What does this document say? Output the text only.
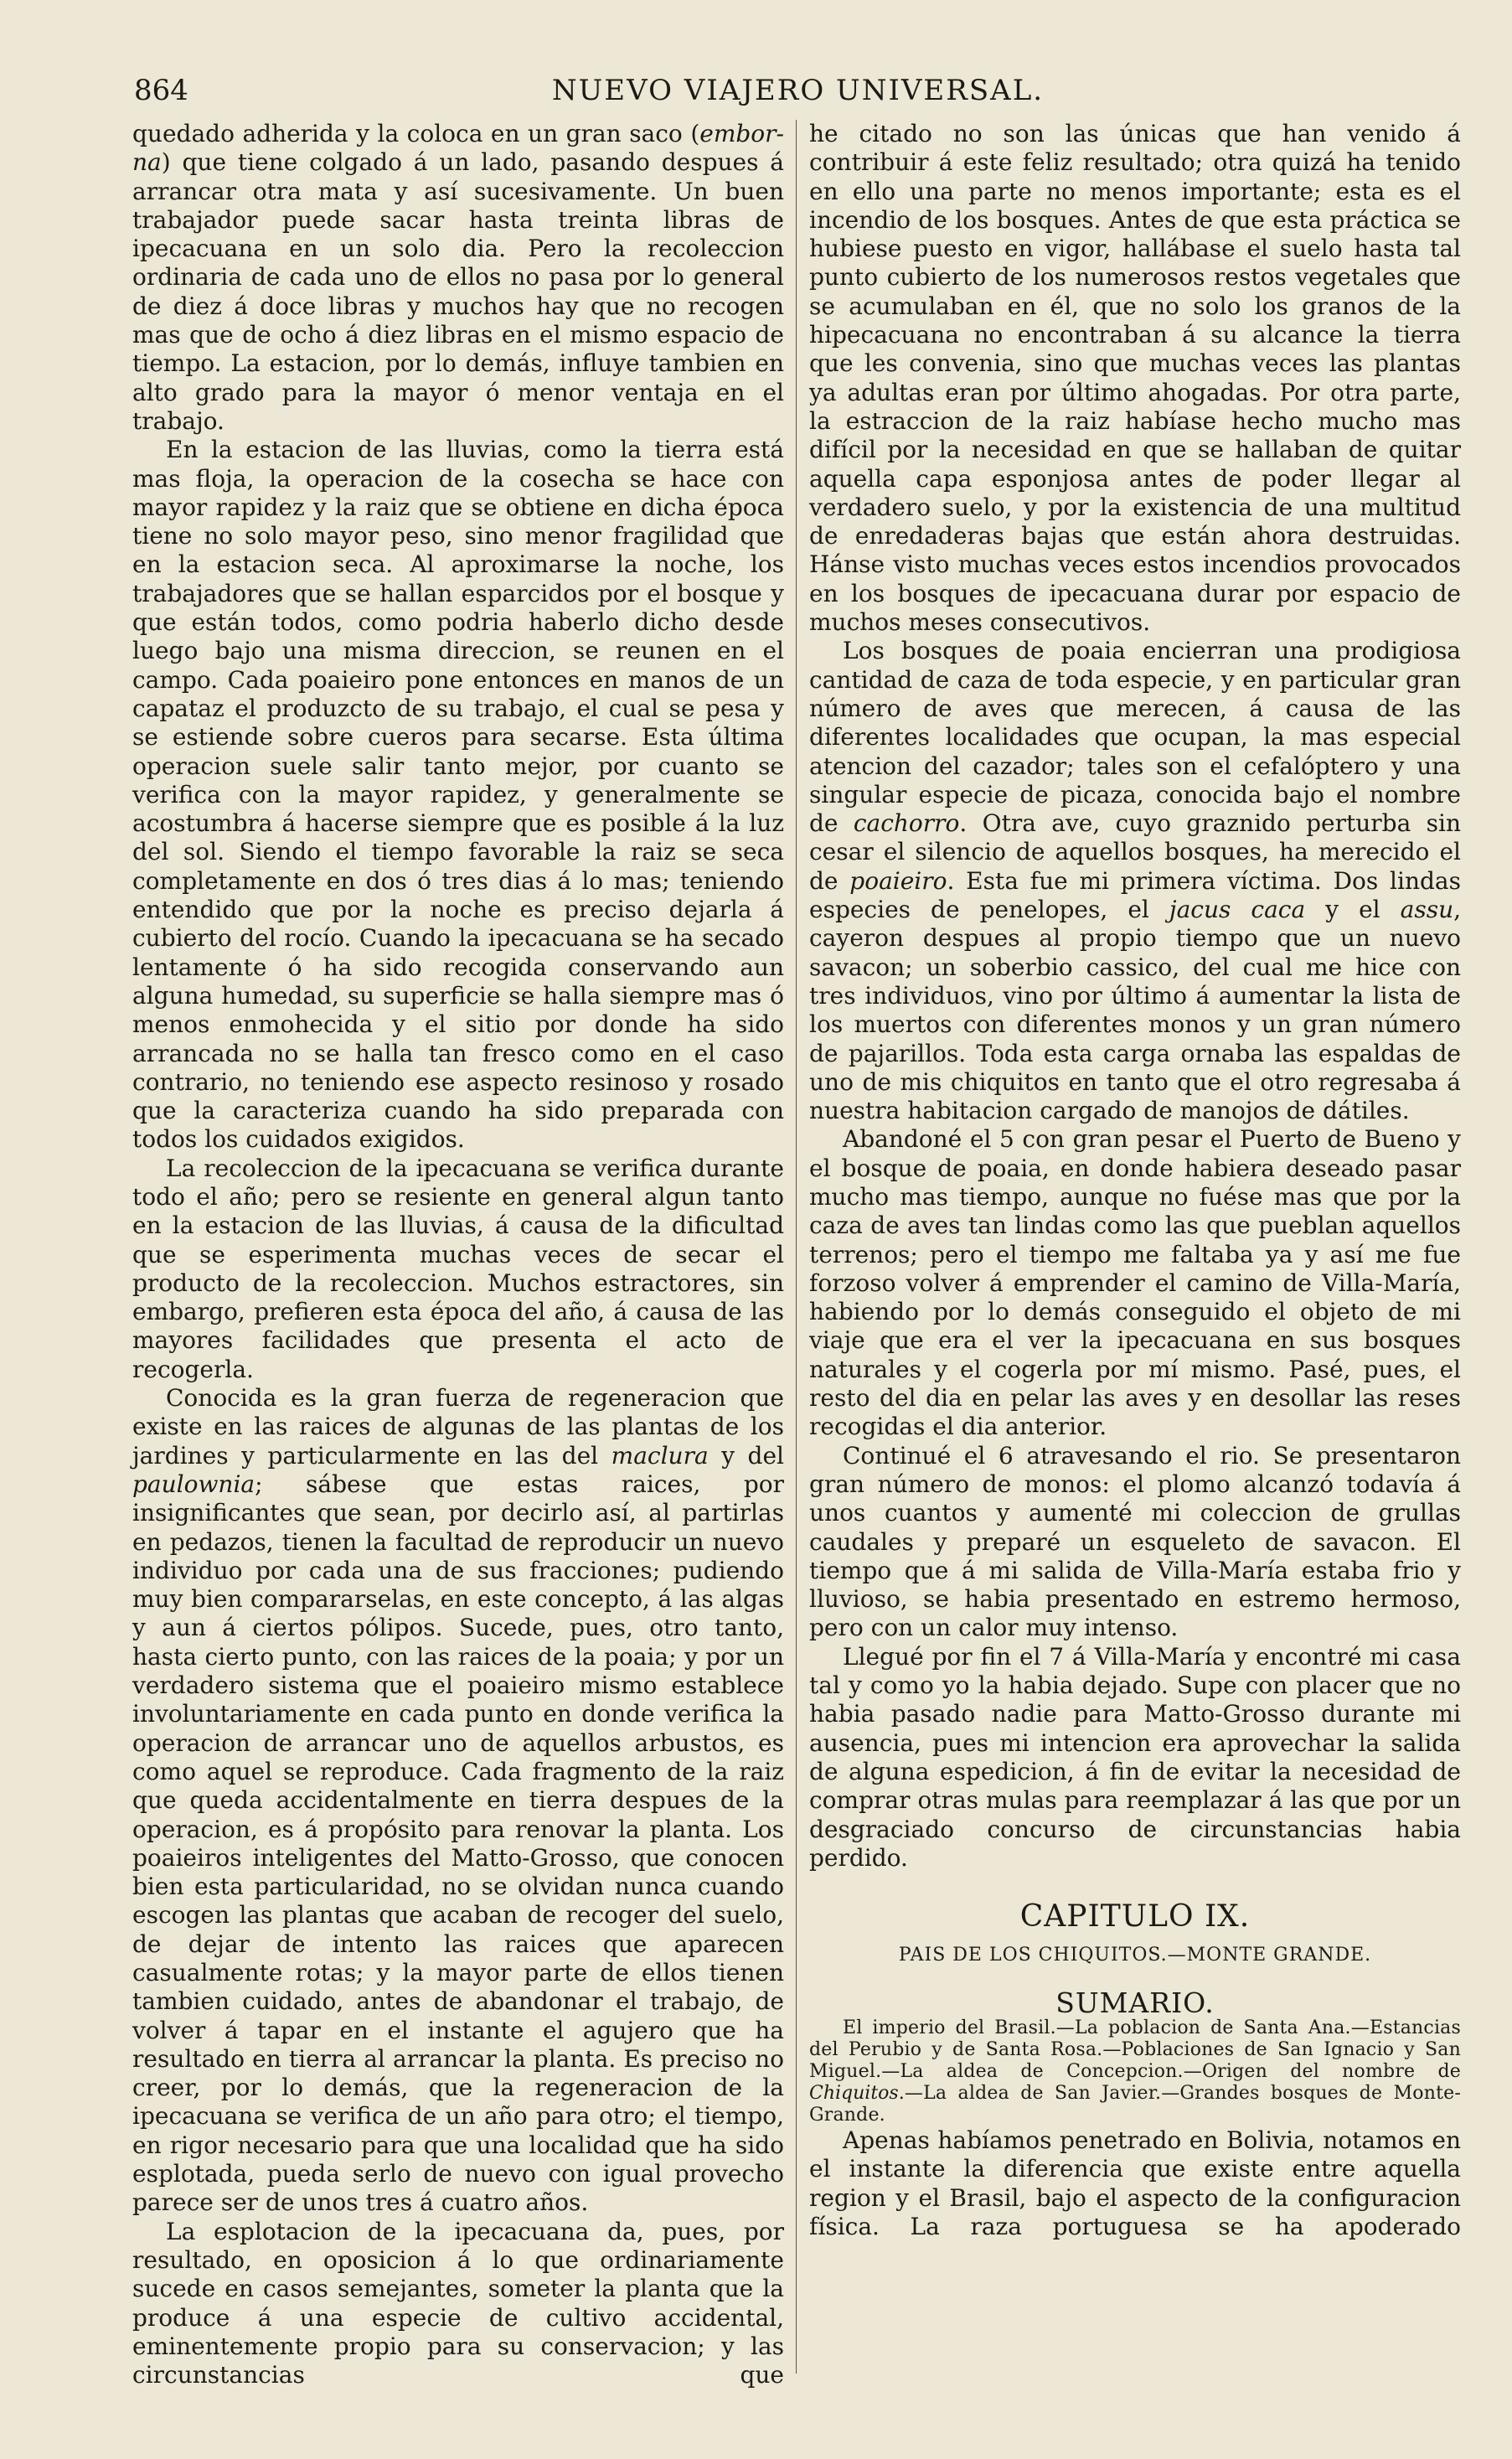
864	NUEVO VIAJERO UNIVERSAL.

quedado adherida y la coloca en un gran saco (embor-na) que tiene colgado á un lado, pasando despues á arrancar otra mata y así sucesivamente. Un buen trabajador puede sacar hasta treinta libras de ipecacuana en un solo dia. Pero la recoleccion ordinaria de cada uno de ellos no pasa por lo general de diez á doce libras y muchos hay que no recogen mas que de ocho á diez libras en el mismo espacio de tiempo. La estacion, por lo demás, influye tambien en alto grado para la mayor ó menor ventaja en el trabajo.

En la estacion de las lluvias, como la tierra está mas floja, la operacion de la cosecha se hace con mayor rapidez y la raiz que se obtiene en dicha época tiene no solo mayor peso, sino menor fragilidad que en la estacion seca. Al aproximarse la noche, los trabajadores que se hallan esparcidos por el bosque y que están todos, como podria haberlo dicho desde luego bajo una misma direccion, se reunen en el campo. Cada poaieiro pone entonces en manos de un capataz el produzcto de su trabajo, el cual se pesa y se estiende sobre cueros para secarse. Esta última operacion suele salir tanto mejor, por cuanto se verifica con la mayor rapidez, y generalmente se acostumbra á hacerse siempre que es posible á la luz del sol. Siendo el tiempo favorable la raiz se seca completamente en dos ó tres dias á lo mas; teniendo entendido que por la noche es preciso dejarla á cubierto del rocío. Cuando la ipecacuana se ha secado lentamente ó ha sido recogida conservando aun alguna humedad, su superficie se halla siempre mas ó menos enmohecida y el sitio por donde ha sido arrancada no se halla tan fresco como en el caso contrario, no teniendo ese aspecto resinoso y rosado que la caracteriza cuando ha sido preparada con todos los cuidados exigidos.

La recoleccion de la ipecacuana se verifica durante todo el año; pero se resiente en general algun tanto en la estacion de las lluvias, á causa de la dificultad que se esperimenta muchas veces de secar el producto de la recoleccion. Muchos estractores, sin embargo, prefieren esta época del año, á causa de las mayores facilidades que presenta el acto de recogerla.

Conocida es la gran fuerza de regeneracion que existe en las raices de algunas de las plantas de los jardines y particularmente en las del maclura y del paulownia; sábese que estas raices, por insignificantes que sean, por decirlo así, al partirlas en pedazos, tienen la facultad de reproducir un nuevo individuo por cada una de sus fracciones; pudiendo muy bien compararselas, en este concepto, á las algas y aun á ciertos pólipos. Sucede, pues, otro tanto, hasta cierto punto, con las raices de la poaia; y por un verdadero sistema que el poaieiro mismo establece involuntariamente en cada punto en donde verifica la operacion de arrancar uno de aquellos arbustos, es como aquel se reproduce. Cada fragmento de la raiz que queda accidentalmente en tierra despues de la operacion, es á propósito para renovar la planta. Los poaieiros inteligentes del Matto-Grosso, que conocen bien esta particularidad, no se olvidan nunca cuando escogen las plantas que acaban de recoger del suelo, de dejar de intento las raices que aparecen casualmente rotas; y la mayor parte de ellos tienen tambien cuidado, antes de abandonar el trabajo, de volver á tapar en el instante el agujero que ha resultado en tierra al arrancar la planta. Es preciso no creer, por lo demás, que la regeneracion de la ipecacuana se verifica de un año para otro; el tiempo, en rigor necesario para que una localidad que ha sido esplotada, pueda serlo de nuevo con igual provecho parece ser de unos tres á cuatro años.

La esplotacion de la ipecacuana da, pues, por resultado, en oposicion á lo que ordinariamente sucede en casos semejantes, someter la planta que la produce á una especie de cultivo accidental, eminentemente propio para su conservacion; y las circunstancias que

he citado no son las únicas que han venido á contribuir á este feliz resultado; otra quizá ha tenido en ello una parte no menos importante; esta es el incendio de los bosques. Antes de que esta práctica se hubiese puesto en vigor, hallábase el suelo hasta tal punto cubierto de los numerosos restos vegetales que se acumulaban en él, que no solo los granos de la hipecacuana no encontraban á su alcance la tierra que les convenia, sino que muchas veces las plantas ya adultas eran por último ahogadas. Por otra parte, la estraccion de la raiz habíase hecho mucho mas difícil por la necesidad en que se hallaban de quitar aquella capa esponjosa antes de poder llegar al verdadero suelo, y por la existencia de una multitud de enredaderas bajas que están ahora destruidas. Hánse visto muchas veces estos incendios provocados en los bosques de ipecacuana durar por espacio de muchos meses consecutivos.

Los bosques de poaia encierran una prodigiosa cantidad de caza de toda especie, y en particular gran número de aves que merecen, á causa de las diferentes localidades que ocupan, la mas especial atencion del cazador; tales son el cefalóptero y una singular especie de picaza, conocida bajo el nombre de cachorro. Otra ave, cuyo graznido perturba sin cesar el silencio de aquellos bosques, ha merecido el de poaieiro. Esta fue mi primera víctima. Dos lindas especies de penelopes, el jacus caca y el assu, cayeron despues al propio tiempo que un nuevo savacon; un soberbio cassico, del cual me hice con tres individuos, vino por último á aumentar la lista de los muertos con diferentes monos y un gran número de pajarillos. Toda esta carga ornaba las espaldas de uno de mis chiquitos en tanto que el otro regresaba á nuestra habitacion cargado de manojos de dátiles.

Abandoné el 5 con gran pesar el Puerto de Bueno y el bosque de poaia, en donde habiera deseado pasar mucho mas tiempo, aunque no fuése mas que por la caza de aves tan lindas como las que pueblan aquellos terrenos; pero el tiempo me faltaba ya y así me fue forzoso volver á emprender el camino de Villa-María, habiendo por lo demás conseguido el objeto de mi viaje que era el ver la ipecacuana en sus bosques naturales y el cogerla por mí mismo. Pasé, pues, el resto del dia en pelar las aves y en desollar las reses recogidas el dia anterior.

Continué el 6 atravesando el rio. Se presentaron gran número de monos: el plomo alcanzó todavía á unos cuantos y aumenté mi coleccion de grullas caudales y preparé un esqueleto de savacon. El tiempo que á mi salida de Villa-María estaba frio y lluvioso, se habia presentado en estremo hermoso, pero con un calor muy intenso.

Llegué por fin el 7 á Villa-María y encontré mi casa tal y como yo la habia dejado. Supe con placer que no habia pasado nadie para Matto-Grosso durante mi ausencia, pues mi intencion era aprovechar la salida de alguna espedicion, á fin de evitar la necesidad de comprar otras mulas para reemplazar á las que por un desgraciado concurso de circunstancias habia perdido.

CAPITULO IX.
PAIS DE LOS CHIQUITOS.—MONTE GRANDE.
SUMARIO.

El imperio del Brasil.—La poblacion de Santa Ana.—Estancias del Perubio y de Santa Rosa.—Poblaciones de San Ignacio y San Miguel.—La aldea de Concepcion.—Origen del nombre de Chiquitos.—La aldea de San Javier.—Grandes bosques de Monte-Grande.

Apenas habíamos penetrado en Bolivia, notamos en el instante la diferencia que existe entre aquella region y el Brasil, bajo el aspecto de la configuracion física. La raza portuguesa se ha apoderado
